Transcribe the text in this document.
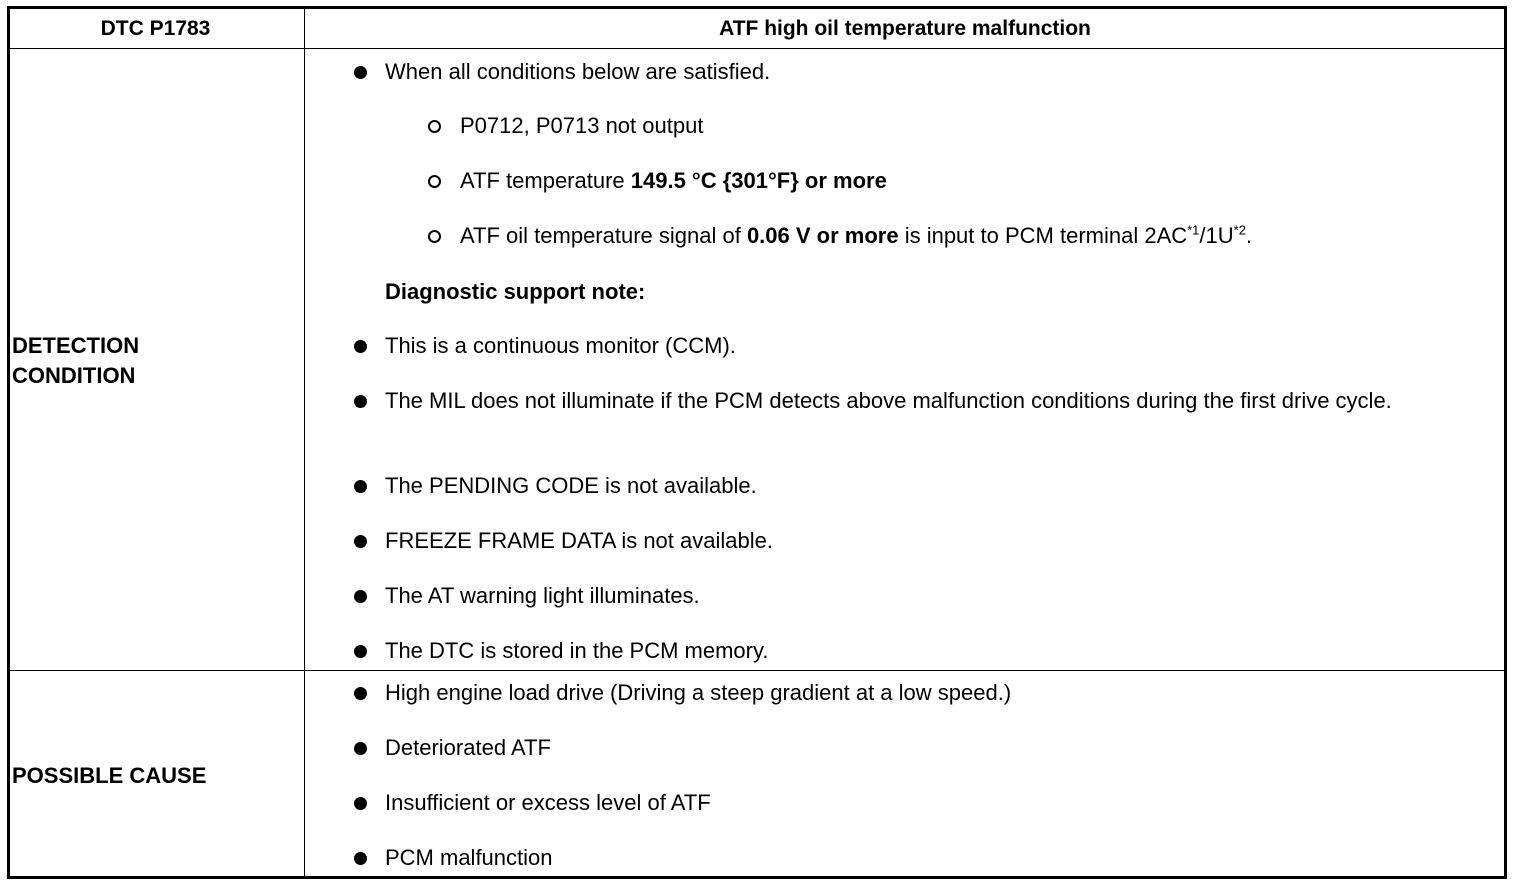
DTC P1783	ATF high oil temperature malfunction
DETECTION
CONDITION
When all conditions below are satisfied.
P0712, P0713 not output
ATF temperature 149.5 °C {301°F} or more
ATF oil temperature signal of 0.06 V or more is input to PCM terminal $2AC^{*1}/1U^{*2}$.
Diagnostic support note:
This is a continuous monitor (CCM).
The MIL does not illuminate if the PCM detects above malfunction conditions during the first drive cycle.
The PENDING CODE is not available.
FREEZE FRAME DATA is not available.
The AT warning light illuminates.
The DTC is stored in the PCM memory.
POSSIBLE CAUSE
High engine load drive (Driving a steep gradient at a low speed.)
Deteriorated ATF
Insufficient or excess level of ATF
PCM malfunction
